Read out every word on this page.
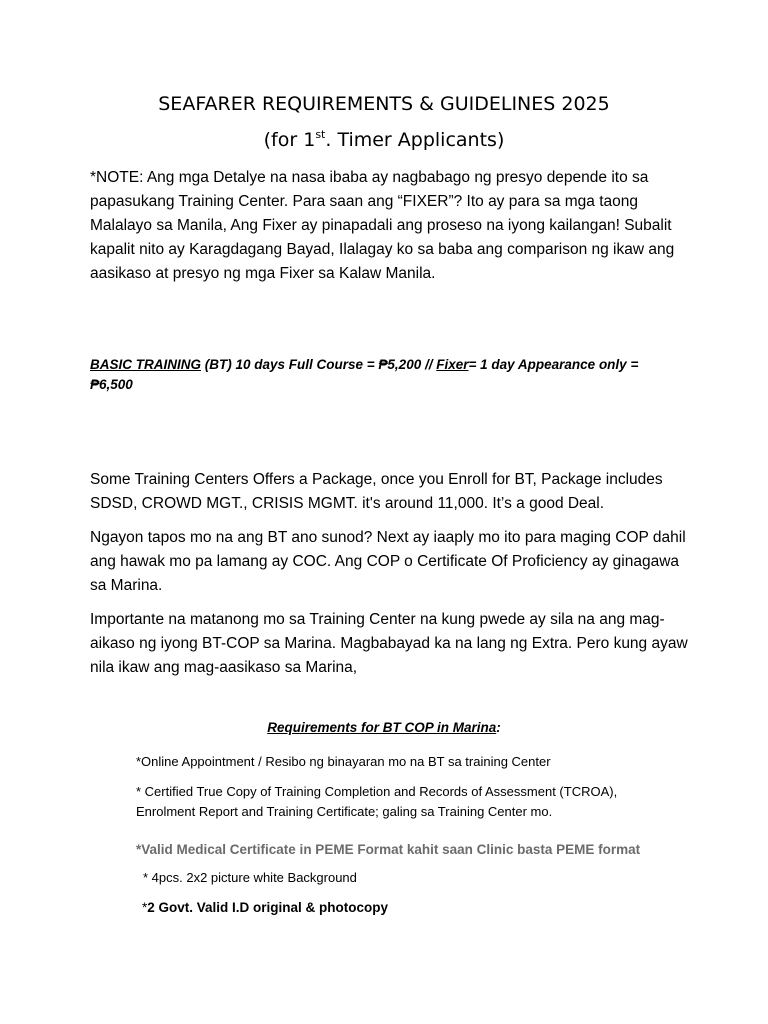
SEAFARER REQUIREMENTS & GUIDELINES 2025
(for 1st. Timer Applicants)

*NOTE: Ang mga Detalye na nasa ibaba ay nagbabago ng presyo depende ito sa papasukang Training Center. Para saan ang “FIXER”? Ito ay para sa mga taong Malalayo sa Manila, Ang Fixer ay pinapadali ang proseso na iyong kailangan! Subalit kapalit nito ay Karagdagang Bayad, Ilalagay ko sa baba ang comparison ng ikaw ang aasikaso at presyo ng mga Fixer sa Kalaw Manila.

BASIC TRAINING (BT) 10 days Full Course = ₱5,200 // Fixer= 1 day Appearance only = ₱6,500

Some Training Centers Offers a Package, once you Enroll for BT, Package includes SDSD, CROWD MGT., CRISIS MGMT. it's around 11,000. It’s a good Deal.

Ngayon tapos mo na ang BT ano sunod? Next ay iaaply mo ito para maging COP dahil ang hawak mo pa lamang ay COC. Ang COP o Certificate Of Proficiency ay ginagawa sa Marina.

Importante na matanong mo sa Training Center na kung pwede ay sila na ang mag-aikaso ng iyong BT-COP sa Marina. Magbabayad ka na lang ng Extra. Pero kung ayaw nila ikaw ang mag-aasikaso sa Marina,

Requirements for BT COP in Marina:

*Online Appointment / Resibo ng binayaran mo na BT sa training Center

* Certified True Copy of Training Completion and Records of Assessment (TCROA), Enrolment Report and Training Certificate; galing sa Training Center mo.

*Valid Medical Certificate in PEME Format kahit saan Clinic basta PEME format

* 4pcs. 2x2 picture white Background

*2 Govt. Valid I.D original & photocopy
